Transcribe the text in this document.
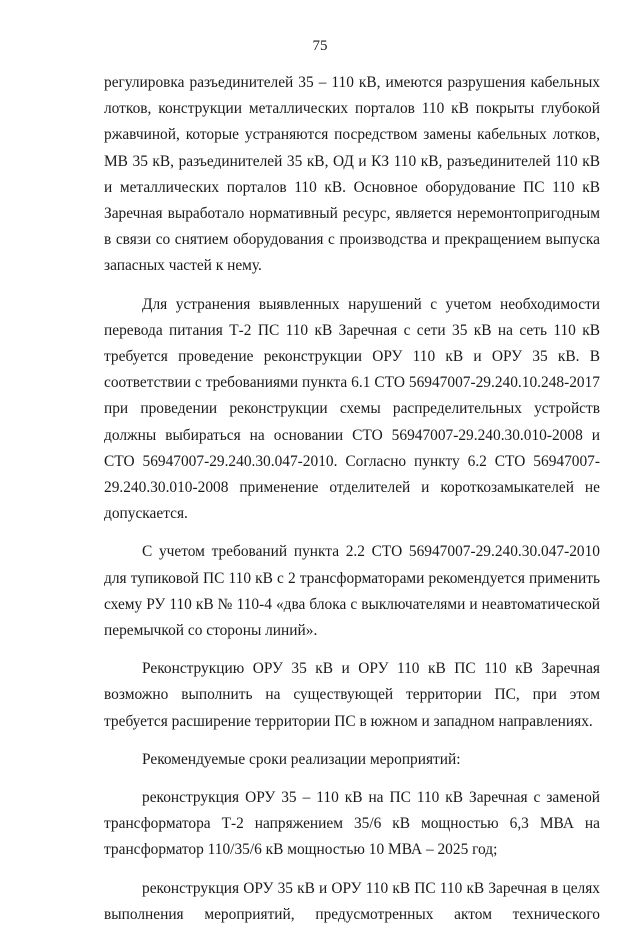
75

регулировка разъединителей 35 – 110 кВ, имеются разрушения кабельных лотков, конструкции металлических порталов 110 кВ покрыты глубокой ржавчиной, которые устраняются посредством замены кабельных лотков, МВ 35 кВ, разъединителей 35 кВ, ОД и КЗ 110 кВ, разъединителей 110 кВ и металлических порталов 110 кВ. Основное оборудование ПС 110 кВ Заречная выработало нормативный ресурс, является неремонтопригодным в связи со снятием оборудования с производства и прекращением выпуска запасных частей к нему.

Для устранения выявленных нарушений с учетом необходимости перевода питания Т-2 ПС 110 кВ Заречная с сети 35 кВ на сеть 110 кВ требуется проведение реконструкции ОРУ 110 кВ и ОРУ 35 кВ. В соответствии с требованиями пункта 6.1 СТО 56947007-29.240.10.248-2017 при проведении реконструкции схемы распределительных устройств должны выбираться на основании СТО 56947007-29.240.30.010-2008 и СТО 56947007-29.240.30.047-2010. Согласно пункту 6.2 СТО 56947007-29.240.30.010-2008 применение отделителей и короткозамыкателей не допускается.

С учетом требований пункта 2.2 СТО 56947007-29.240.30.047-2010 для тупиковой ПС 110 кВ с 2 трансформаторами рекомендуется применить схему РУ 110 кВ № 110-4 «два блока с выключателями и неавтоматической перемычкой со стороны линий».

Реконструкцию ОРУ 35 кВ и ОРУ 110 кВ ПС 110 кВ Заречная возможно выполнить на существующей территории ПС, при этом требуется расширение территории ПС в южном и западном направлениях.

Рекомендуемые сроки реализации мероприятий:

реконструкция ОРУ 35 – 110 кВ на ПС 110 кВ Заречная с заменой трансформатора Т-2 напряжением 35/6 кВ мощностью 6,3 МВА на трансформатор 110/35/6 кВ мощностью 10 МВА – 2025 год;

реконструкция ОРУ 35 кВ и ОРУ 110 кВ ПС 110 кВ Заречная в целях выполнения мероприятий, предусмотренных актом технического
